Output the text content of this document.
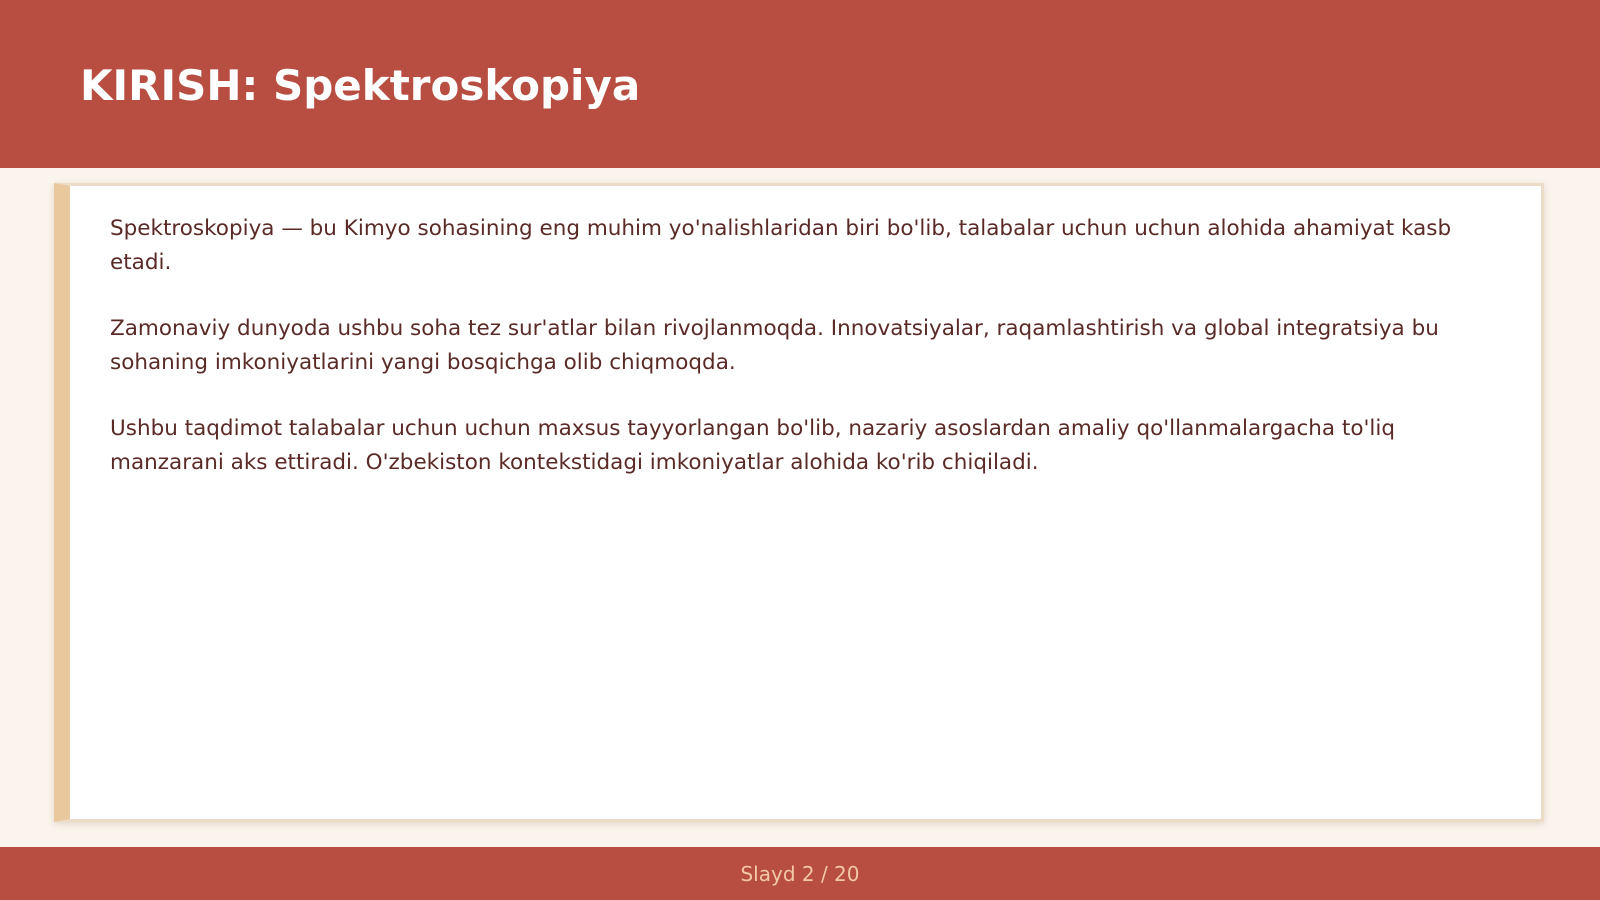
KIRISH: Spektroskopiya

Spektroskopiya — bu Kimyo sohasining eng muhim yo'nalishlaridan biri bo'lib, talabalar uchun uchun alohida ahamiyat kasb etadi.

Zamonaviy dunyoda ushbu soha tez sur'atlar bilan rivojlanmoqda. Innovatsiyalar, raqamlashtirish va global integratsiya bu sohaning imkoniyatlarini yangi bosqichga olib chiqmoqda.

Ushbu taqdimot talabalar uchun uchun maxsus tayyorlangan bo'lib, nazariy asoslardan amaliy qo'llanmalargacha to'liq manzarani aks ettiradi. O'zbekiston kontekstidagi imkoniyatlar alohida ko'rib chiqiladi.

Slayd 2 / 20
